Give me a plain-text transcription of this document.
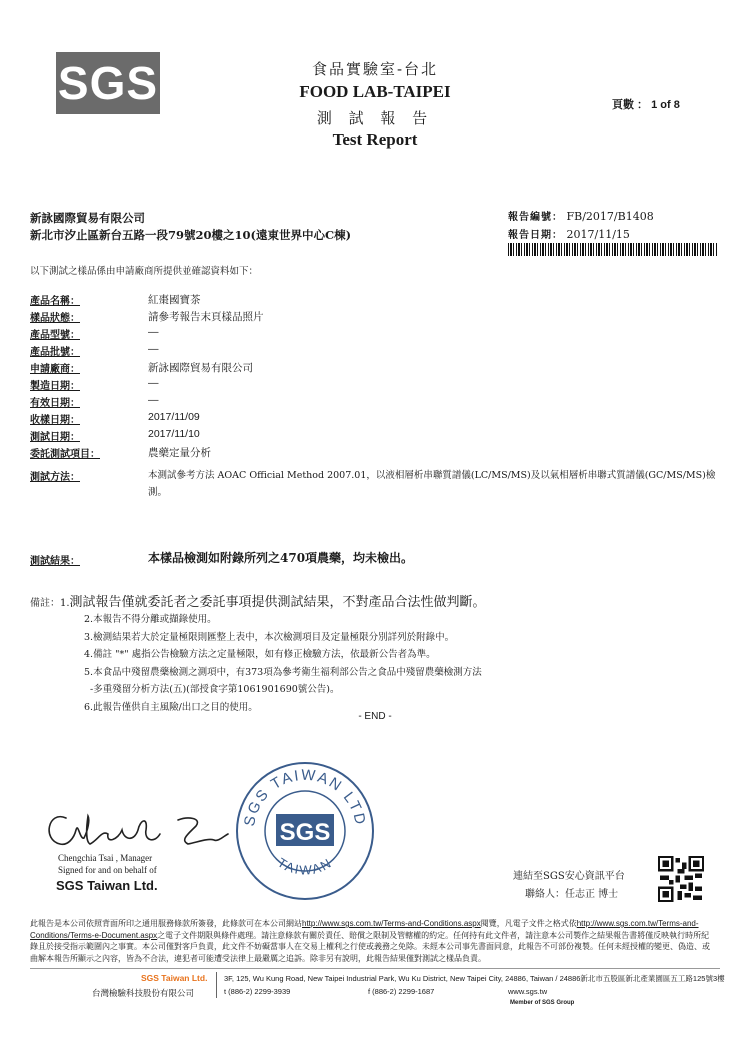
SGS	食品實驗室-台北
FOOD LAB-TAIPEI
測 試 報 告
Test Report
頁數 ： 1 of 8
新詠國際貿易有限公司
新北市汐止區新台五路一段79號20樓之10(遠東世界中心C棟)
報告編號： FB/2017/B1408
報告日期： 2017/11/15
以下測試之樣品係由申請廠商所提供並確認資料如下：
產品名稱：	紅棗國寶茶
樣品狀態：	請參考報告末頁樣品照片
產品型號：	—
產品批號：	—
申請廠商：	新詠國際貿易有限公司
製造日期：	—
有效日期：	—
收樣日期：	2017/11/09
測試日期：	2017/11/10
委託測試項目：	農藥定量分析
測試方法：	本測試參考方法 AOAC Official Method 2007.01，以液相層析串聯質譜儀(LC/MS/MS)及以氣相層析串聯式質譜儀(GC/MS/MS)檢測。
測試結果：	本樣品檢測如附錄所列之470項農藥，均未檢出。
備註：1.測試報告僅就委託者之委託事項提供測試結果，不對產品合法性做判斷。
2.本報告不得分離或擷錄使用。
3.檢測結果若大於定量極限則匯整上表中，本次檢測項目及定量極限分別詳列於附錄中。
4.備註 "*" 處指公告檢驗方法之定量極限，如有修正檢驗方法，依最新公告者為準。
5.本食品中殘留農藥檢測之測項中，有373項為參考衛生福利部公告之食品中殘留農藥檢測方法
-多重殘留分析方法(五)(部授食字第1061901690號公告)。
6.此報告僅供自主風險/出口之目的使用。
- END -
Chengchia Tsai
Chengchia Tsai , Manager
Signed for and on behalf of
SGS Taiwan Ltd.
SGS TAIWAN LTD
TAIWAN
SGS
連結至SGS安心資訊平台
聯絡人：任志正 博士
此報告是本公司依照背面所印之通用服務條款所簽發，此條款可在本公司網站http://www.sgs.com.tw/Terms-and-Conditions.aspx閱覽，凡電子文件之格式依http://www.sgs.com.tw/Terms-and-Conditions/Terms-e-Document.aspx之電子文件期限與條件處理。請注意條款有關於責任、賠償之限制及管轄權的約定。任何持有此文件者，請注意本公司製作之結果報告書將僅反映執行時所紀錄且於接受指示範圍內之事實。本公司僅對客戶負責，此文件不妨礙當事人在交易上權利之行使或義務之免除。未經本公司事先書面同意，此報告不可部份複製。任何未經授權的變更、偽造、或曲解本報告所顯示之內容，皆為不合法，違犯者可能遭受法律上最嚴厲之追訴。除非另有說明，此報告結果僅對測試之樣品負責。
SGS Taiwan Ltd.
台灣檢驗科技股份有限公司
3F, 125, Wu Kung Road, New Taipei Industrial Park, Wu Ku District, New Taipei City, 24886, Taiwan / 24886新北市五股區新北產業園區五工路125號3樓
t (886-2) 2299-3939	f (886-2) 2299-1687	www.sgs.tw
Member of SGS Group
